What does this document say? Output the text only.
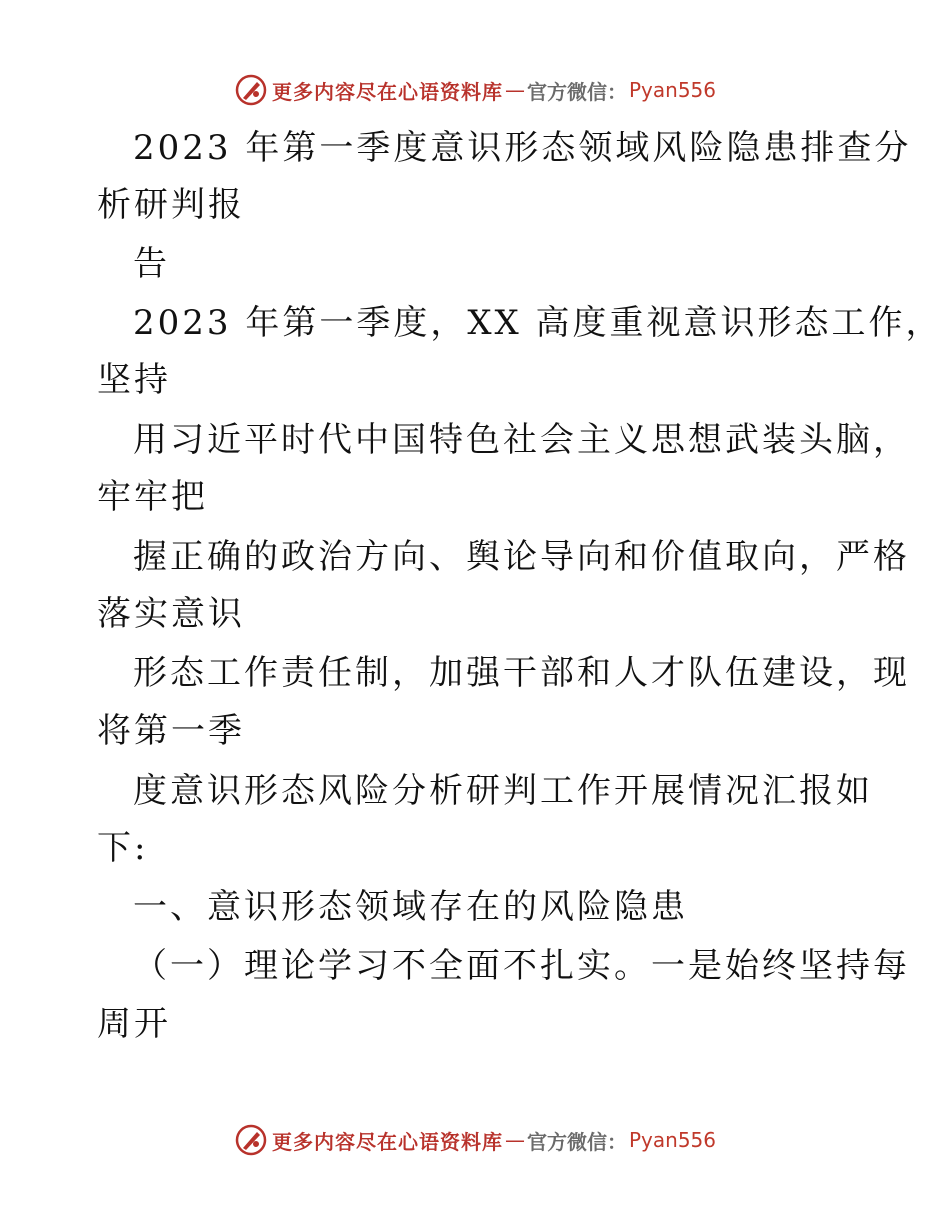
更多内容尽在心语资料库 — 官方微信： Pyan556
2023 年第一季度意识形态领域风险隐患排查分
析研判报
告
2023 年第一季度，XX 高度重视意识形态工作，
坚持
用习近平时代中国特色社会主义思想武装头脑，
牢牢把
握正确的政治方向、舆论导向和价值取向，严格
落实意识
形态工作责任制，加强干部和人才队伍建设，现
将第一季
度意识形态风险分析研判工作开展情况汇报如
下:
一、意识形态领域存在的风险隐患
（一）理论学习不全面不扎实。一是始终坚持每
周开
更多内容尽在心语资料库 — 官方微信： Pyan556
